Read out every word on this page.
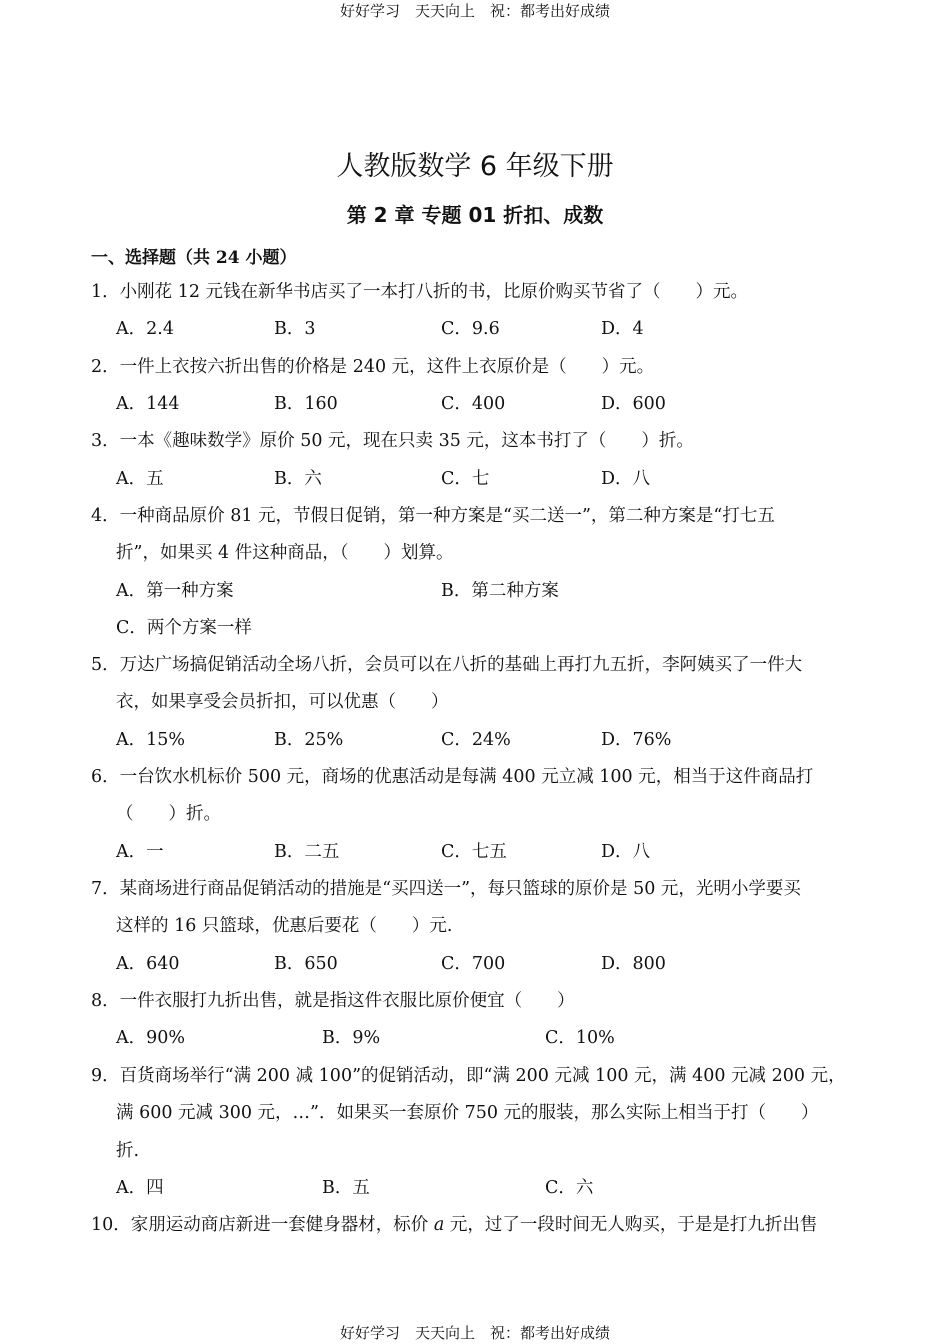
好好学习　天天向上　祝：都考出好成绩
好好学习　天天向上　祝：都考出好成绩
人教版数学 6 年级下册
第 2 章 专题 01 折扣、成数
一、选择题（共 24 小题）
1．小刚花 12 元钱在新华书店买了一本打八折的书，比原价购买节省了（　　）元。
A．2.4	B．3	C．9.6	D．4
2．一件上衣按六折出售的价格是 240 元，这件上衣原价是（　　）元。
A．144	B．160	C．400	D．600
3．一本《趣味数学》原价 50 元，现在只卖 35 元，这本书打了（　　）折。
A．五	B．六	C．七	D．八
4．一种商品原价 81 元，节假日促销，第一种方案是“买二送一”，第二种方案是“打七五
折”，如果买 4 件这种商品，（　　）划算。
A．第一种方案	B．第二种方案
C．两个方案一样
5．万达广场搞促销活动全场八折，会员可以在八折的基础上再打九五折，李阿姨买了一件大
衣，如果享受会员折扣，可以优惠（　　）
A．15%	B．25%	C．24%	D．76%
6．一台饮水机标价 500 元，商场的优惠活动是每满 400 元立减 100 元，相当于这件商品打
（　　）折。
A．一	B．二五	C．七五	D．八
7．某商场进行商品促销活动的措施是“买四送一”，每只篮球的原价是 50 元，光明小学要买
这样的 16 只篮球，优惠后要花（　　）元.
A．640	B．650	C．700	D．800
8．一件衣服打九折出售，就是指这件衣服比原价便宜（　　）
A．90%	B．9%	C．10%
9．百货商场举行“满 200 减 100”的促销活动，即“满 200 元减 100 元，满 400 元减 200 元，
满 600 元减 300 元，…”．如果买一套原价 750 元的服装，那么实际上相当于打（　　）
折.
A．四	B．五	C．六
10．家朋运动商店新进一套健身器材，标价 a 元，过了一段时间无人购买，于是是打九折出售
